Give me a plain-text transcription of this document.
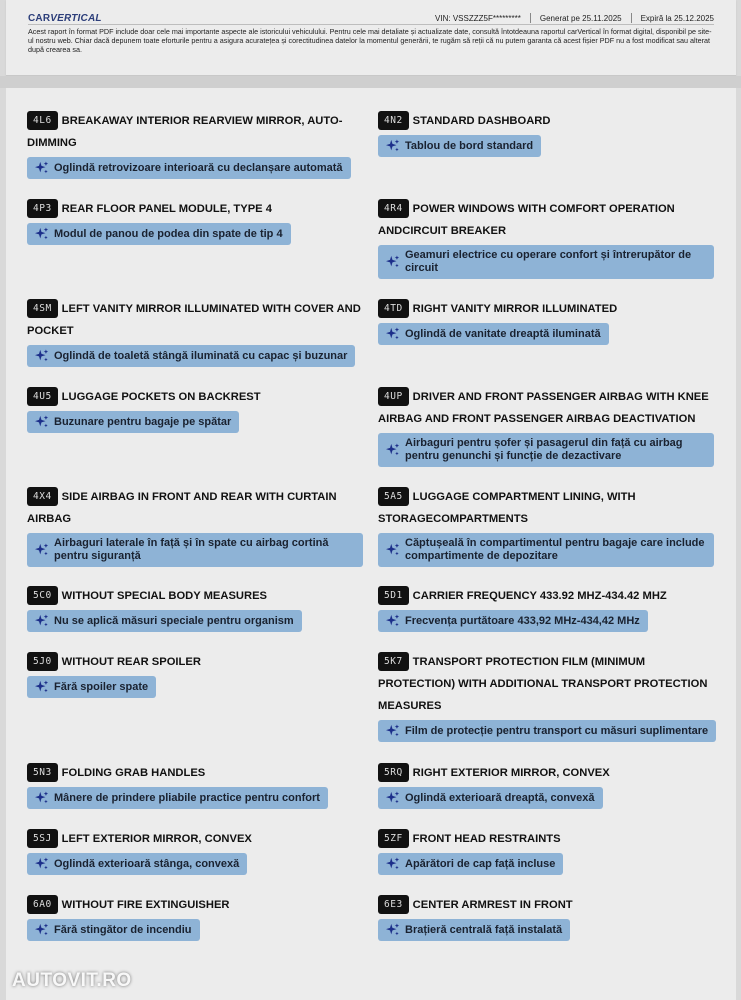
CARVERTICAL	VIN:
VSSZZZ5F********* Generat pe
25.11.2025 Expiră la
25.12.2025
Acest raport în format PDF include doar cele mai importante aspecte ale istoricului vehiculului. Pentru cele mai detaliate și actualizate date, consultă întotdeauna raportul carVertical în format digital, disponibil pe site-ul nostru web. Chiar dacă depunem toate eforturile pentru a asigura acuratețea și corectitudinea datelor la momentul generării, te rugăm să reții că nu putem garanta că acest fișier PDF nu a fost modificat sau alterat după crearea sa.
4L6 BREAKAWAY INTERIOR REARVIEW MIRROR, AUTO-DIMMING
Oglindă retrovizoare interioară cu declanșare automată
4N2 STANDARD DASHBOARD
Tablou de bord standard
4P3 REAR FLOOR PANEL MODULE, TYPE 4
Modul de panou de podea din spate de tip 4
4R4 POWER WINDOWS WITH COMFORT OPERATION ANDCIRCUIT BREAKER
Geamuri electrice cu operare confort și întrerupător de circuit
4SM LEFT VANITY MIRROR ILLUMINATED WITH COVER AND POCKET
Oglindă de toaletă stângă iluminată cu capac și buzunar
4TD RIGHT VANITY MIRROR ILLUMINATED
Oglindă de vanitate dreaptă iluminată
4U5 LUGGAGE POCKETS ON BACKREST
Buzunare pentru bagaje pe spătar
4UP DRIVER AND FRONT PASSENGER AIRBAG WITH KNEE AIRBAG AND FRONT PASSENGER AIRBAG DEACTIVATION
Airbaguri pentru șofer și pasagerul din față cu airbag pentru genunchi și funcție de dezactivare
4X4 SIDE AIRBAG IN FRONT AND REAR WITH CURTAIN AIRBAG
Airbaguri laterale în față și în spate cu airbag cortină pentru siguranță
5A5 LUGGAGE COMPARTMENT LINING, WITH STORAGECOMPARTMENTS
Căptușeală în compartimentul pentru bagaje care include compartimente de depozitare
5C0 WITHOUT SPECIAL BODY MEASURES
Nu se aplică măsuri speciale pentru organism
5D1 CARRIER FREQUENCY 433.92 MHZ-434.42 MHZ
Frecvența purtătoare 433,92 MHz-434,42 MHz
5J0 WITHOUT REAR SPOILER
Fără spoiler spate
5K7 TRANSPORT PROTECTION FILM (MINIMUM PROTECTION) WITH ADDITIONAL TRANSPORT PROTECTION MEASURES
Film de protecție pentru transport cu măsuri suplimentare
5N3 FOLDING GRAB HANDLES
Mânere de prindere pliabile practice pentru confort
5RQ RIGHT EXTERIOR MIRROR, CONVEX
Oglindă exterioară dreaptă, convexă
5SJ LEFT EXTERIOR MIRROR, CONVEX
Oglindă exterioară stânga, convexă
5ZF FRONT HEAD RESTRAINTS
Apărători de cap față incluse
6A0 WITHOUT FIRE EXTINGUISHER
Fără stingător de incendiu
6E3 CENTER ARMREST IN FRONT
Brațieră centrală față instalată
AUTOVIT.RO
